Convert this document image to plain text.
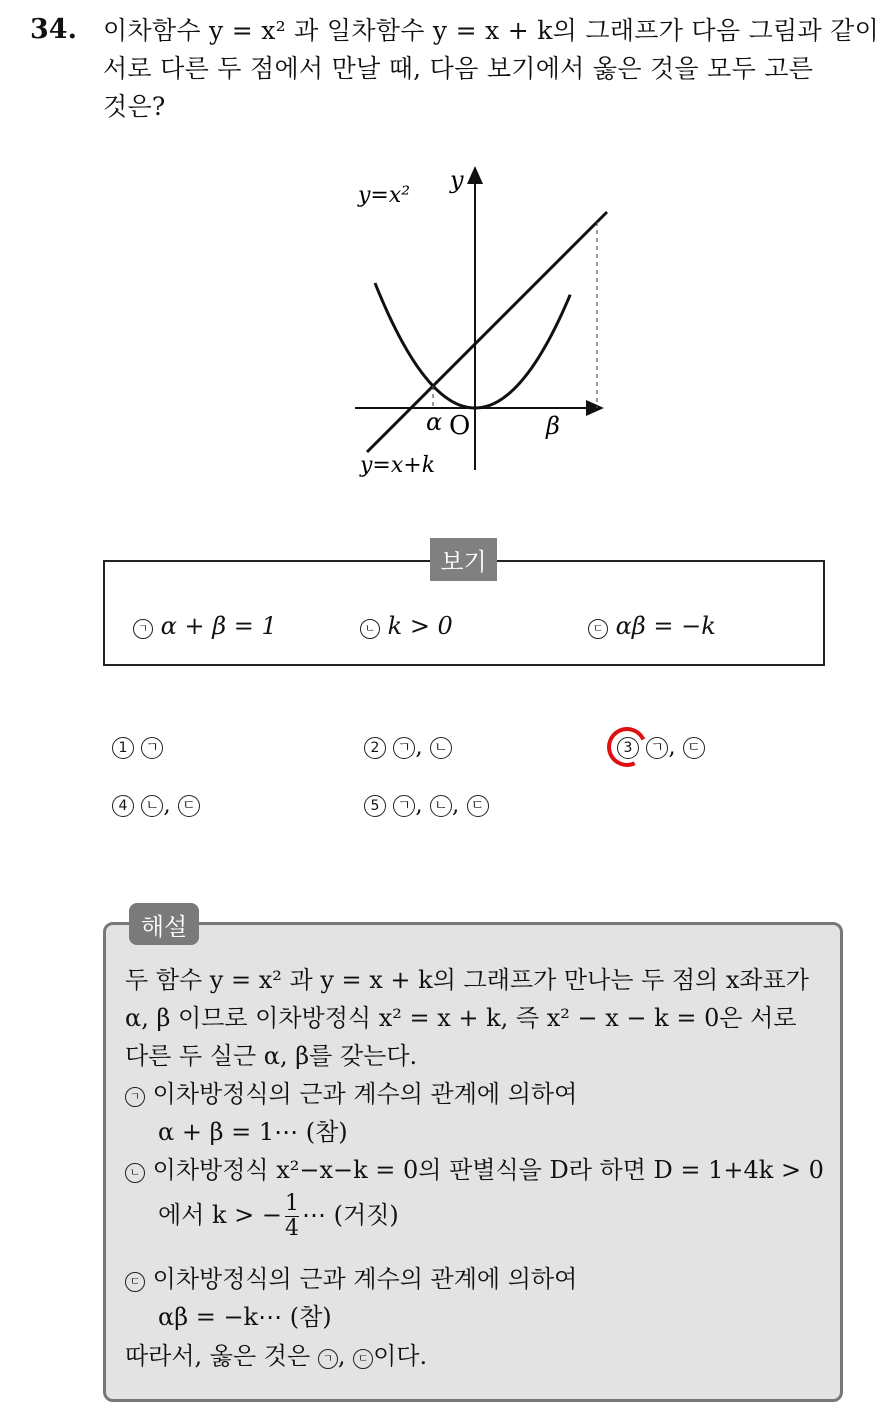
34. 이차함수 y = x² 과 일차함수 y = x + k의 그래프가 다음 그림과 같이
서로 다른 두 점에서 만날 때, 다음 보기에서 옳은 것을 모두 고른
것은?
y=x²
y=x+k
y
O
α	β
보기
ㄱ α + β = 1	ㄴ k > 0	ㄷ αβ = −k
1 ㄱ	2 ㄱ , ㄴ	3 ㄱ , ㄷ
4 ㄴ , ㄷ	5 ㄱ , ㄴ , ㄷ
해설
두 함수 y = x² 과 y = x + k의 그래프가 만나는 두 점의 x좌표가
α, β 이므로 이차방정식 x² = x + k, 즉 x² − x − k = 0은 서로
다른 두 실근 α, β를 갖는다.
ㄱ 이차방정식의 근과 계수의 관계에 의하여
α + β = 1⋯ (참)
ㄴ 이차방정식 x²−x−k = 0의 판별식을 D라 하면 D = 1+4k > 0
에서 k > − $\frac{1}{4}$ ⋯ (거짓)
ㄷ 이차방정식의 근과 계수의 관계에 의하여
αβ = −k⋯ (참)
따라서, 옳은 것은 ㄱ , ㄷ 이다.
